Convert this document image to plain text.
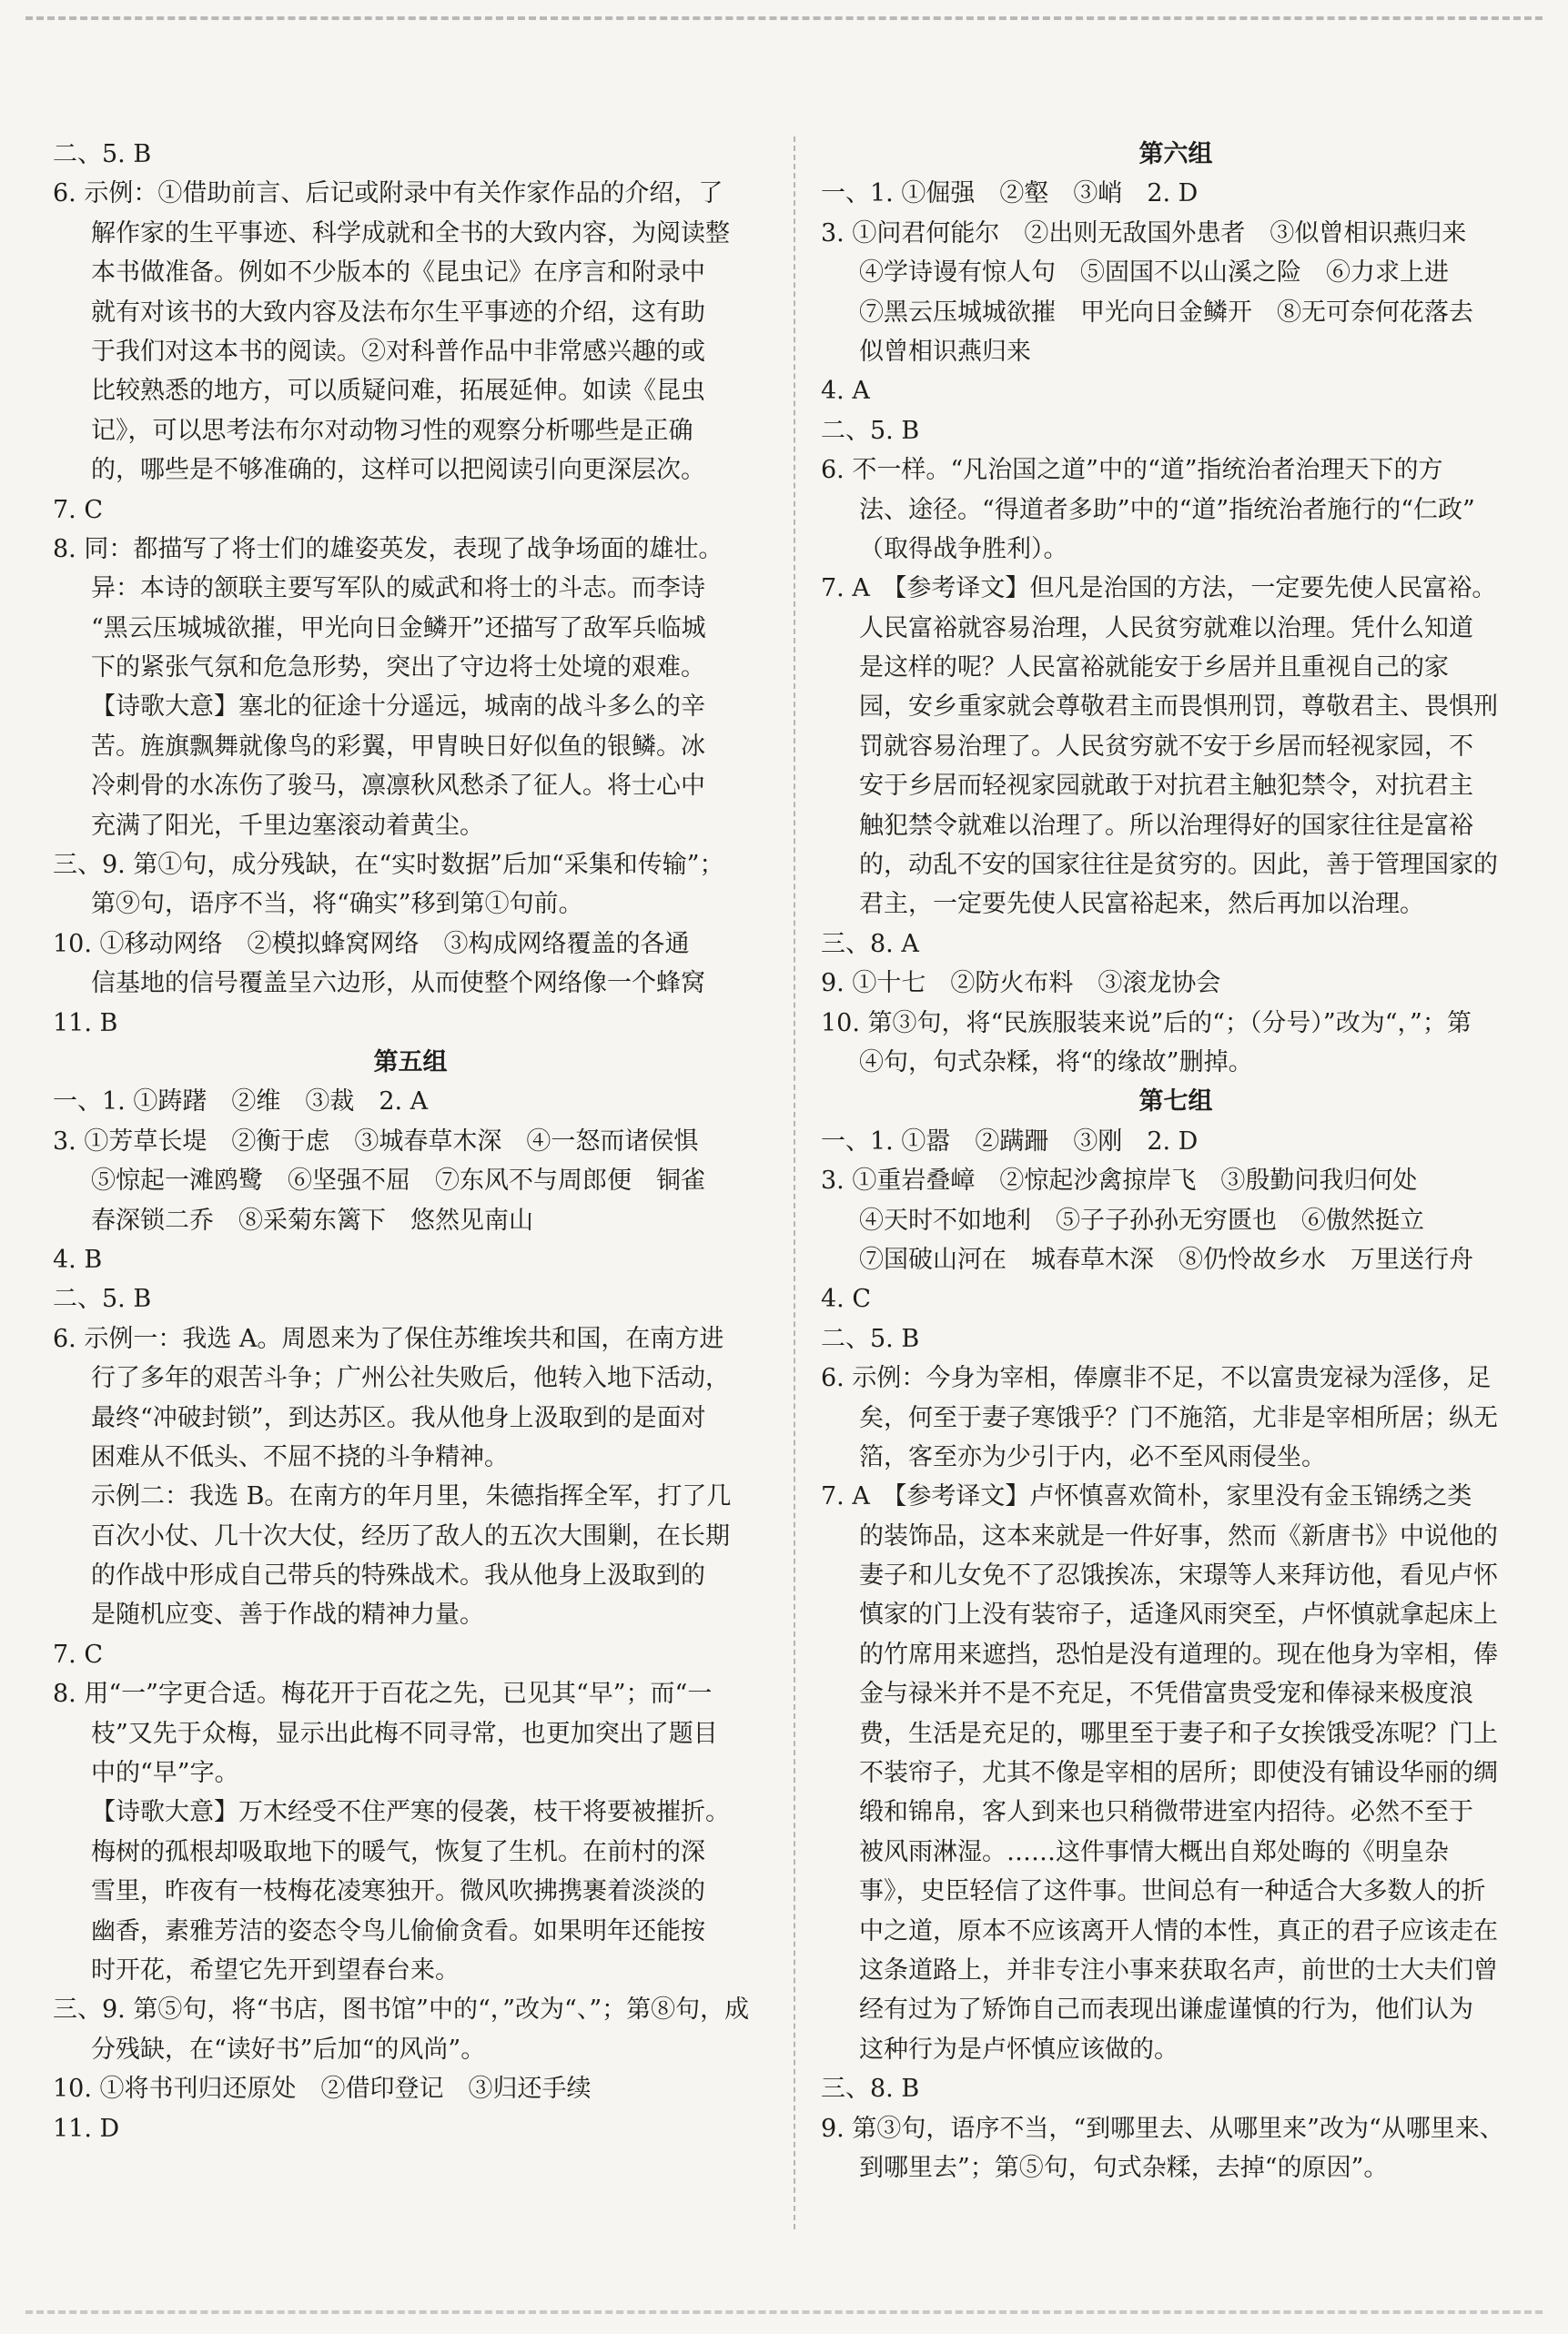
二、5. B
6. 示例：①借助前言、后记或附录中有关作家作品的介绍，了
解作家的生平事迹、科学成就和全书的大致内容，为阅读整
本书做准备。例如不少版本的《昆虫记》在序言和附录中
就有对该书的大致内容及法布尔生平事迹的介绍，这有助
于我们对这本书的阅读。②对科普作品中非常感兴趣的或
比较熟悉的地方，可以质疑问难，拓展延伸。如读《昆虫
记》，可以思考法布尔对动物习性的观察分析哪些是正确
的，哪些是不够准确的，这样可以把阅读引向更深层次。
7. C
8. 同：都描写了将士们的雄姿英发，表现了战争场面的雄壮。
异：本诗的颔联主要写军队的威武和将士的斗志。而李诗
“黑云压城城欲摧，甲光向日金鳞开”还描写了敌军兵临城
下的紧张气氛和危急形势，突出了守边将士处境的艰难。
【诗歌大意】塞北的征途十分遥远，城南的战斗多么的辛
苦。旌旗飘舞就像鸟的彩翼，甲胄映日好似鱼的银鳞。冰
冷刺骨的水冻伤了骏马，凛凛秋风愁杀了征人。将士心中
充满了阳光，千里边塞滚动着黄尘。
三、9. 第①句，成分残缺，在“实时数据”后加“采集和传输”；
第⑨句，语序不当，将“确实”移到第①句前。
10. ①移动网络　②模拟蜂窝网络　③构成网络覆盖的各通
信基地的信号覆盖呈六边形，从而使整个网络像一个蜂窝
11. B
第五组
一、1. ①踌躇　②维　③裁　2. A
3. ①芳草长堤　②衡于虑　③城春草木深　④一怒而诸侯惧
⑤惊起一滩鸥鹭　⑥坚强不屈　⑦东风不与周郎便　铜雀
春深锁二乔　⑧采菊东篱下　悠然见南山
4. B
二、5. B
6. 示例一：我选 A。周恩来为了保住苏维埃共和国，在南方进
行了多年的艰苦斗争；广州公社失败后，他转入地下活动，
最终“冲破封锁”，到达苏区。我从他身上汲取到的是面对
困难从不低头、不屈不挠的斗争精神。
示例二：我选 B。在南方的年月里，朱德指挥全军，打了几
百次小仗、几十次大仗，经历了敌人的五次大围剿，在长期
的作战中形成自己带兵的特殊战术。我从他身上汲取到的
是随机应变、善于作战的精神力量。
7. C
8. 用“一”字更合适。梅花开于百花之先，已见其“早”；而“一
枝”又先于众梅，显示出此梅不同寻常，也更加突出了题目
中的“早”字。
【诗歌大意】万木经受不住严寒的侵袭，枝干将要被摧折。
梅树的孤根却吸取地下的暖气，恢复了生机。在前村的深
雪里，昨夜有一枝梅花凌寒独开。微风吹拂携裹着淡淡的
幽香，素雅芳洁的姿态令鸟儿偷偷贪看。如果明年还能按
时开花，希望它先开到望春台来。
三、9. 第⑤句，将“书店，图书馆”中的“，”改为“、”；第⑧句，成
分残缺，在“读好书”后加“的风尚”。
10. ①将书刊归还原处　②借印登记　③归还手续
11. D
第六组
一、1. ①倔强　②壑　③峭　2. D
3. ①问君何能尔　②出则无敌国外患者　③似曾相识燕归来
④学诗谩有惊人句　⑤固国不以山溪之险　⑥力求上进
⑦黑云压城城欲摧　甲光向日金鳞开　⑧无可奈何花落去
似曾相识燕归来
4. A
二、5. B
6. 不一样。“凡治国之道”中的“道”指统治者治理天下的方
法、途径。“得道者多助”中的“道”指统治者施行的“仁政”
（取得战争胜利）。
7. A　【参考译文】但凡是治国的方法，一定要先使人民富裕。
人民富裕就容易治理，人民贫穷就难以治理。凭什么知道
是这样的呢？人民富裕就能安于乡居并且重视自己的家
园，安乡重家就会尊敬君主而畏惧刑罚，尊敬君主、畏惧刑
罚就容易治理了。人民贫穷就不安于乡居而轻视家园，不
安于乡居而轻视家园就敢于对抗君主触犯禁令，对抗君主
触犯禁令就难以治理了。所以治理得好的国家往往是富裕
的，动乱不安的国家往往是贫穷的。因此，善于管理国家的
君主，一定要先使人民富裕起来，然后再加以治理。
三、8. A
9. ①十七　②防火布料　③滚龙协会
10. 第③句，将“民族服装来说”后的“；（分号）”改为“，”；第
④句，句式杂糅，将“的缘故”删掉。
第七组
一、1. ①嚣　②蹒跚　③刚　2. D
3. ①重岩叠嶂　②惊起沙禽掠岸飞　③殷勤问我归何处
④天时不如地利　⑤子子孙孙无穷匮也　⑥傲然挺立
⑦国破山河在　城春草木深　⑧仍怜故乡水　万里送行舟
4. C
二、5. B
6. 示例：今身为宰相，俸廪非不足，不以富贵宠禄为淫侈，足
矣，何至于妻子寒饿乎？门不施箔，尤非是宰相所居；纵无
箔，客至亦为少引于内，必不至风雨侵坐。
7. A　【参考译文】卢怀慎喜欢简朴，家里没有金玉锦绣之类
的装饰品，这本来就是一件好事，然而《新唐书》中说他的
妻子和儿女免不了忍饿挨冻，宋璟等人来拜访他，看见卢怀
慎家的门上没有装帘子，适逢风雨突至，卢怀慎就拿起床上
的竹席用来遮挡，恐怕是没有道理的。现在他身为宰相，俸
金与禄米并不是不充足，不凭借富贵受宠和俸禄来极度浪
费，生活是充足的，哪里至于妻子和子女挨饿受冻呢？门上
不装帘子，尤其不像是宰相的居所；即使没有铺设华丽的绸
缎和锦帛，客人到来也只稍微带进室内招待。必然不至于
被风雨淋湿。……这件事情大概出自郑处晦的《明皇杂
事》，史臣轻信了这件事。世间总有一种适合大多数人的折
中之道，原本不应该离开人情的本性，真正的君子应该走在
这条道路上，并非专注小事来获取名声，前世的士大夫们曾
经有过为了矫饰自己而表现出谦虚谨慎的行为，他们认为
这种行为是卢怀慎应该做的。
三、8. B
9. 第③句，语序不当，“到哪里去、从哪里来”改为“从哪里来、
到哪里去”；第⑤句，句式杂糅，去掉“的原因”。
